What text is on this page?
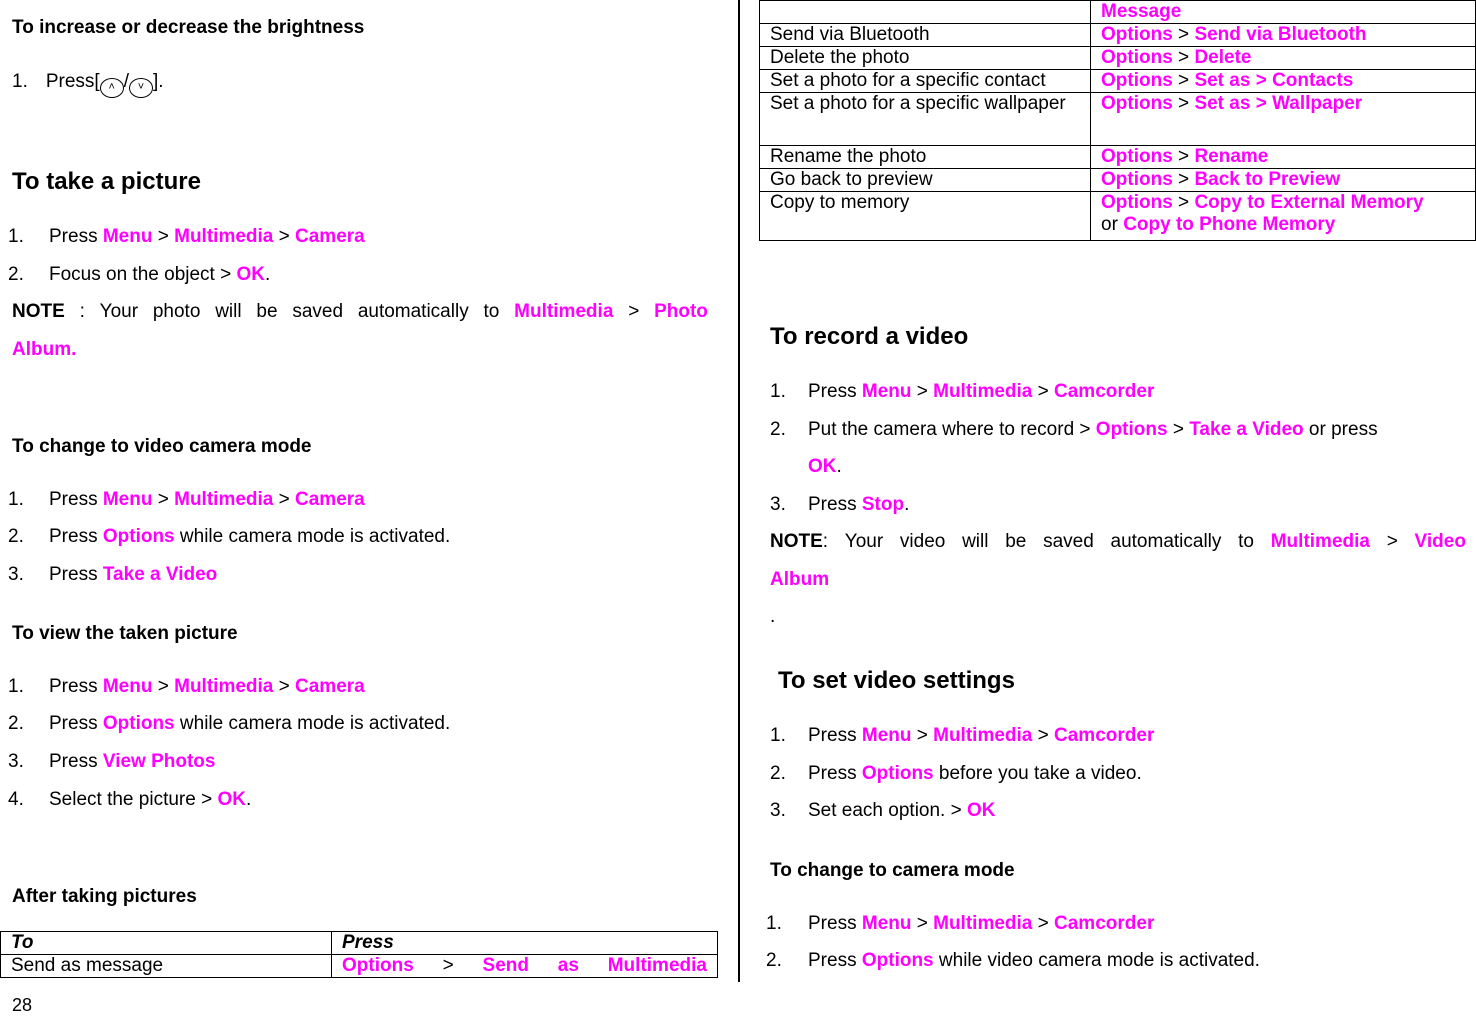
To increase or decrease the brightness
1. Press[ ˄ / ˅ ].
To take a picture
1. Press Menu > Multimedia > Camera
2. Focus on the object > OK.
NOTE : Your photo will be saved automatically to Multimedia > Photo
Album.
To change to video camera mode
1. Press Menu > Multimedia > Camera
2. Press Options while camera mode is activated.
3. Press Take a Video
To view the taken picture
1. Press Menu > Multimedia > Camera
2. Press Options while camera mode is activated.
3. Press View Photos
4. Select the picture > OK.
After taking pictures
To	Press
Send as message	Options > Send as Multimedia
28
	Message
Send via Bluetooth	Options > Send via Bluetooth
Delete the photo	Options > Delete
Set a photo for a specific contact	Options > Set as > Contacts

Set a photo for a specific wallpaper	Options > Set as > Wallpaper
Rename the photo	Options > Rename
Go back to preview	Options > Back to Preview
Copy to memory	Options > Copy to External Memory
or Copy to Phone Memory
To record a video
1. Press Menu > Multimedia > Camcorder
2. Put the camera where to record > Options > Take a Video or press
OK.
3. Press Stop.
NOTE: Your video will be saved automatically to Multimedia > Video
Album
.
To set video settings
1. Press Menu > Multimedia > Camcorder
2. Press Options before you take a video.
3. Set each option. > OK
To change to camera mode
1. Press Menu > Multimedia > Camcorder
2. Press Options while video camera mode is activated.
